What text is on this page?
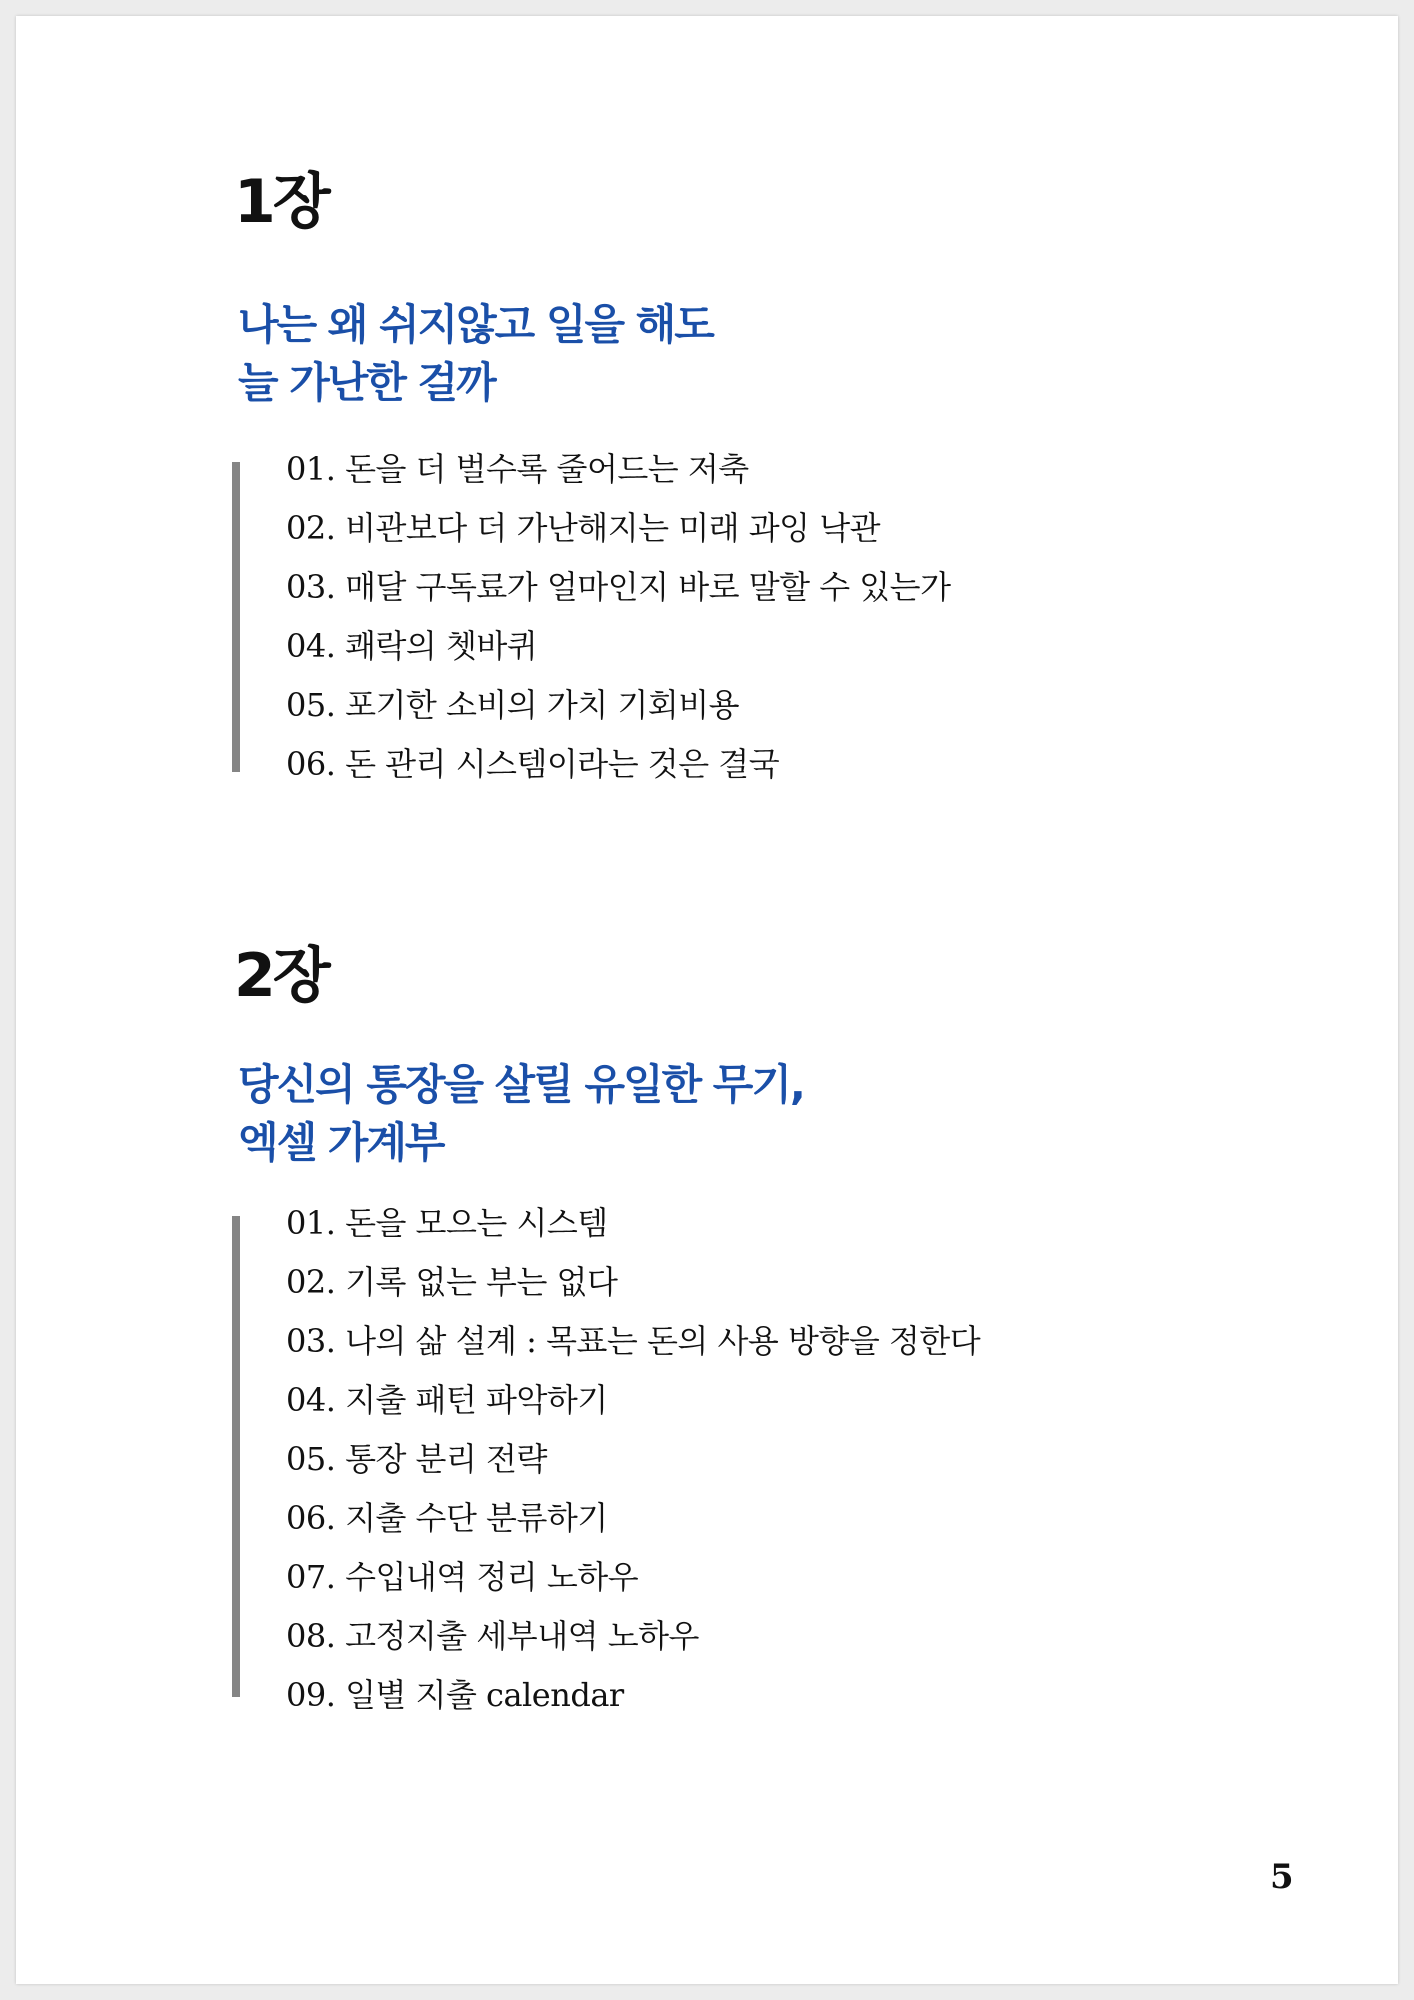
1장
나는 왜 쉬지않고 일을 해도
늘 가난한 걸까
01. 돈을 더 벌수록 줄어드는 저축
02. 비관보다 더 가난해지는 미래 과잉 낙관
03. 매달 구독료가 얼마인지 바로 말할 수 있는가
04. 쾌락의 쳇바퀴
05. 포기한 소비의 가치 기회비용
06. 돈 관리 시스템이라는 것은 결국
2장
당신의 통장을 살릴 유일한 무기,
엑셀 가계부
01. 돈을 모으는 시스템
02. 기록 없는 부는 없다
03. 나의 삶 설계 : 목표는 돈의 사용 방향을 정한다
04. 지출 패턴 파악하기
05. 통장 분리 전략
06. 지출 수단 분류하기
07. 수입내역 정리 노하우
08. 고정지출 세부내역 노하우
09. 일별 지출 calendar
5
